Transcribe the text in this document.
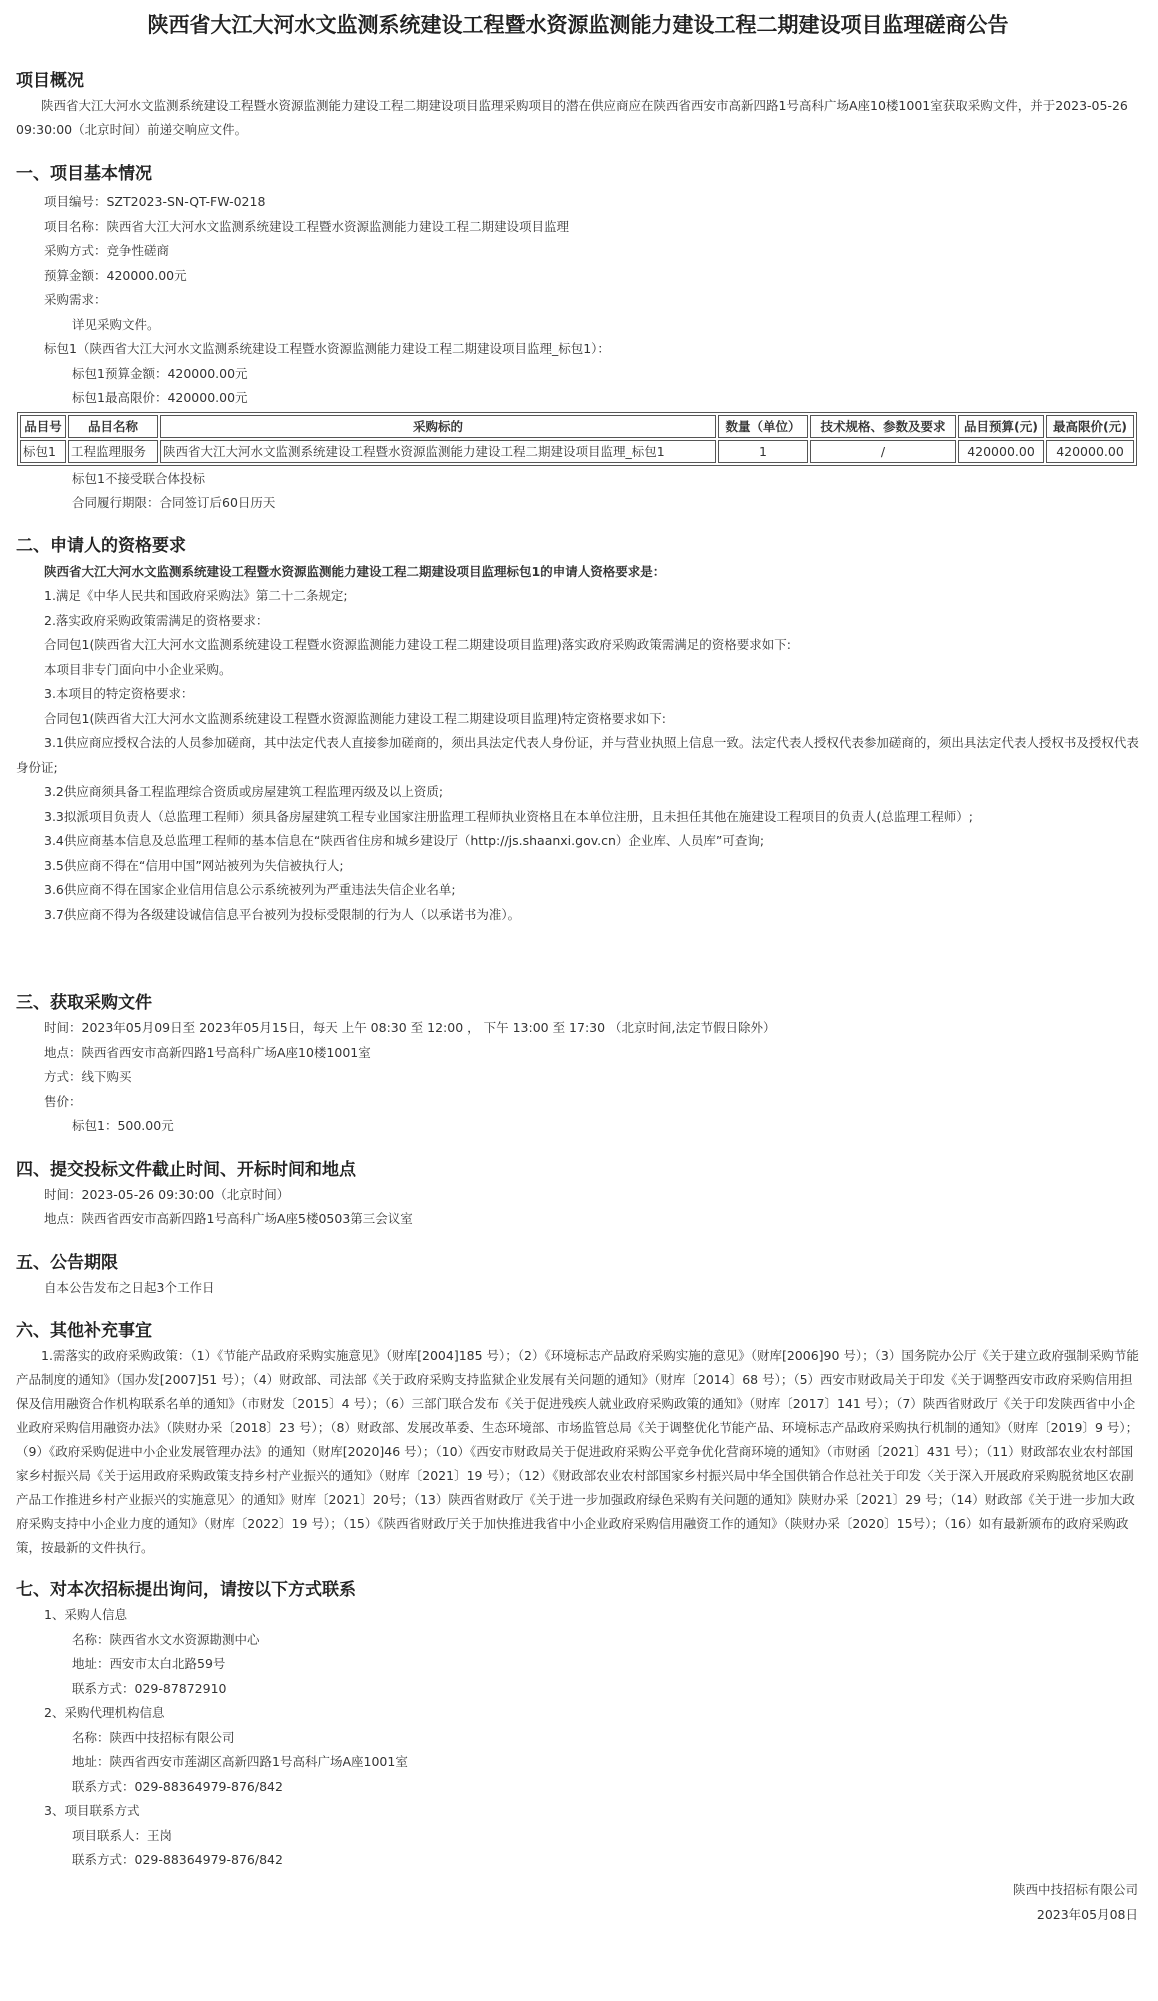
陕西省大江大河水文监测系统建设工程暨水资源监测能力建设工程二期建设项目监理磋商公告
项目概况

陕西省大江大河水文监测系统建设工程暨水资源监测能力建设工程二期建设项目监理采购项目的潜在供应商应在陕西省西安市高新四路1号高科广场A座10楼1001室获取采购文件，并于2023-05-26 09:30:00（北京时间）前递交响应文件。

一、项目基本情况

项目编号：SZT2023-SN-QT-FW-0218

项目名称：陕西省大江大河水文监测系统建设工程暨水资源监测能力建设工程二期建设项目监理

采购方式：竞争性磋商

预算金额：420000.00元

采购需求：

详见采购文件。

标包1（陕西省大江大河水文监测系统建设工程暨水资源监测能力建设工程二期建设项目监理_标包1）：

标包1预算金额：420000.00元

标包1最高限价：420000.00元

品目号	品目名称	采购标的	数量（单位）	技术规格、参数及要求	品目预算(元)	最高限价(元)
标包1	工程监理服务	陕西省大江大河水文监测系统建设工程暨水资源监测能力建设工程二期建设项目监理_标包1	1	/	420000.00	420000.00

标包1不接受联合体投标

合同履行期限：合同签订后60日历天

二、申请人的资格要求

陕西省大江大河水文监测系统建设工程暨水资源监测能力建设工程二期建设项目监理标包1的申请人资格要求是：

1.满足《中华人民共和国政府采购法》第二十二条规定;

2.落实政府采购政策需满足的资格要求：

合同包1(陕西省大江大河水文监测系统建设工程暨水资源监测能力建设工程二期建设项目监理)落实政府采购政策需满足的资格要求如下:

本项目非专门面向中小企业采购。

3.本项目的特定资格要求：

合同包1(陕西省大江大河水文监测系统建设工程暨水资源监测能力建设工程二期建设项目监理)特定资格要求如下:

3.1供应商应授权合法的人员参加磋商，其中法定代表人直接参加磋商的，须出具法定代表人身份证，并与营业执照上信息一致。法定代表人授权代表参加磋商的，须出具法定代表人授权书及授权代表身份证;

3.2供应商须具备工程监理综合资质或房屋建筑工程监理丙级及以上资质;

3.3拟派项目负责人（总监理工程师）须具备房屋建筑工程专业国家注册监理工程师执业资格且在本单位注册，且未担任其他在施建设工程项目的负责人(总监理工程师）;

3.4供应商基本信息及总监理工程师的基本信息在“陕西省住房和城乡建设厅（http://js.shaanxi.gov.cn）企业库、人员库”可查询;

3.5供应商不得在“信用中国”网站被列为失信被执行人;

3.6供应商不得在国家企业信用信息公示系统被列为严重违法失信企业名单;

3.7供应商不得为各级建设诚信信息平台被列为投标受限制的行为人（以承诺书为准）。

三、获取采购文件

时间：2023年05月09日至 2023年05月15日，每天 上午 08:30 至 12:00 ， 下午 13:00 至 17:30 （北京时间,法定节假日除外）

地点：陕西省西安市高新四路1号高科广场A座10楼1001室

方式：线下购买

售价：

标包1：500.00元

四、提交投标文件截止时间、开标时间和地点

时间：2023-05-26 09:30:00（北京时间）

地点：陕西省西安市高新四路1号高科广场A座5楼0503第三会议室

五、公告期限

自本公告发布之日起3个工作日

六、其他补充事宜

1.需落实的政府采购政策：（1）《节能产品政府采购实施意见》（财库[2004]185 号）；（2）《环境标志产品政府采购实施的意见》（财库[2006]90 号）；（3）国务院办公厅《关于建立政府强制采购节能产品制度的通知》（国办发[2007]51 号）；（4）财政部、司法部《关于政府采购支持监狱企业发展有关问题的通知》（财库〔2014〕68 号）；（5）西安市财政局关于印发《关于调整西安市政府采购信用担保及信用融资合作机构联系名单的通知》（市财发〔2015〕4 号）；（6）三部门联合发布《关于促进残疾人就业政府采购政策的通知》（财库〔2017〕141 号）；（7）陕西省财政厅《关于印发陕西省中小企业政府采购信用融资办法》（陕财办采〔2018〕23 号）；（8）财政部、发展改革委、生态环境部、市场监管总局《关于调整优化节能产品、环境标志产品政府采购执行机制的通知》（财库〔2019〕9 号）；（9）《政府采购促进中小企业发展管理办法》的通知（财库[2020]46 号）；（10）《西安市财政局关于促进政府采购公平竞争优化营商环境的通知》（市财函〔2021〕431 号）；（11）财政部农业农村部国家乡村振兴局《关于运用政府采购政策支持乡村产业振兴的通知》（财库〔2021〕19 号）；（12）《财政部农业农村部国家乡村振兴局中华全国供销合作总社关于印发〈关于深入开展政府采购脱贫地区农副产品工作推进乡村产业振兴的实施意见〉的通知》财库〔2021〕20号；（13）陕西省财政厅《关于进一步加强政府绿色采购有关问题的通知》陕财办采〔2021〕29 号；（14）财政部《关于进一步加大政府采购支持中小企业力度的通知》（财库〔2022〕19 号）；（15）《陕西省财政厅关于加快推进我省中小企业政府采购信用融资工作的通知》（陕财办采〔2020〕15号）；（16）如有最新颁布的政府采购政策，按最新的文件执行。

七、对本次招标提出询问，请按以下方式联系

1、采购人信息

名称：陕西省水文水资源勘测中心

地址：西安市太白北路59号

联系方式：029-87872910

2、采购代理机构信息

名称：陕西中技招标有限公司

地址：陕西省西安市莲湖区高新四路1号高科广场A座1001室

联系方式：029-88364979-876/842

3、项目联系方式

项目联系人：王岗

联系方式：029-88364979-876/842

陕西中技招标有限公司

2023年05月08日
